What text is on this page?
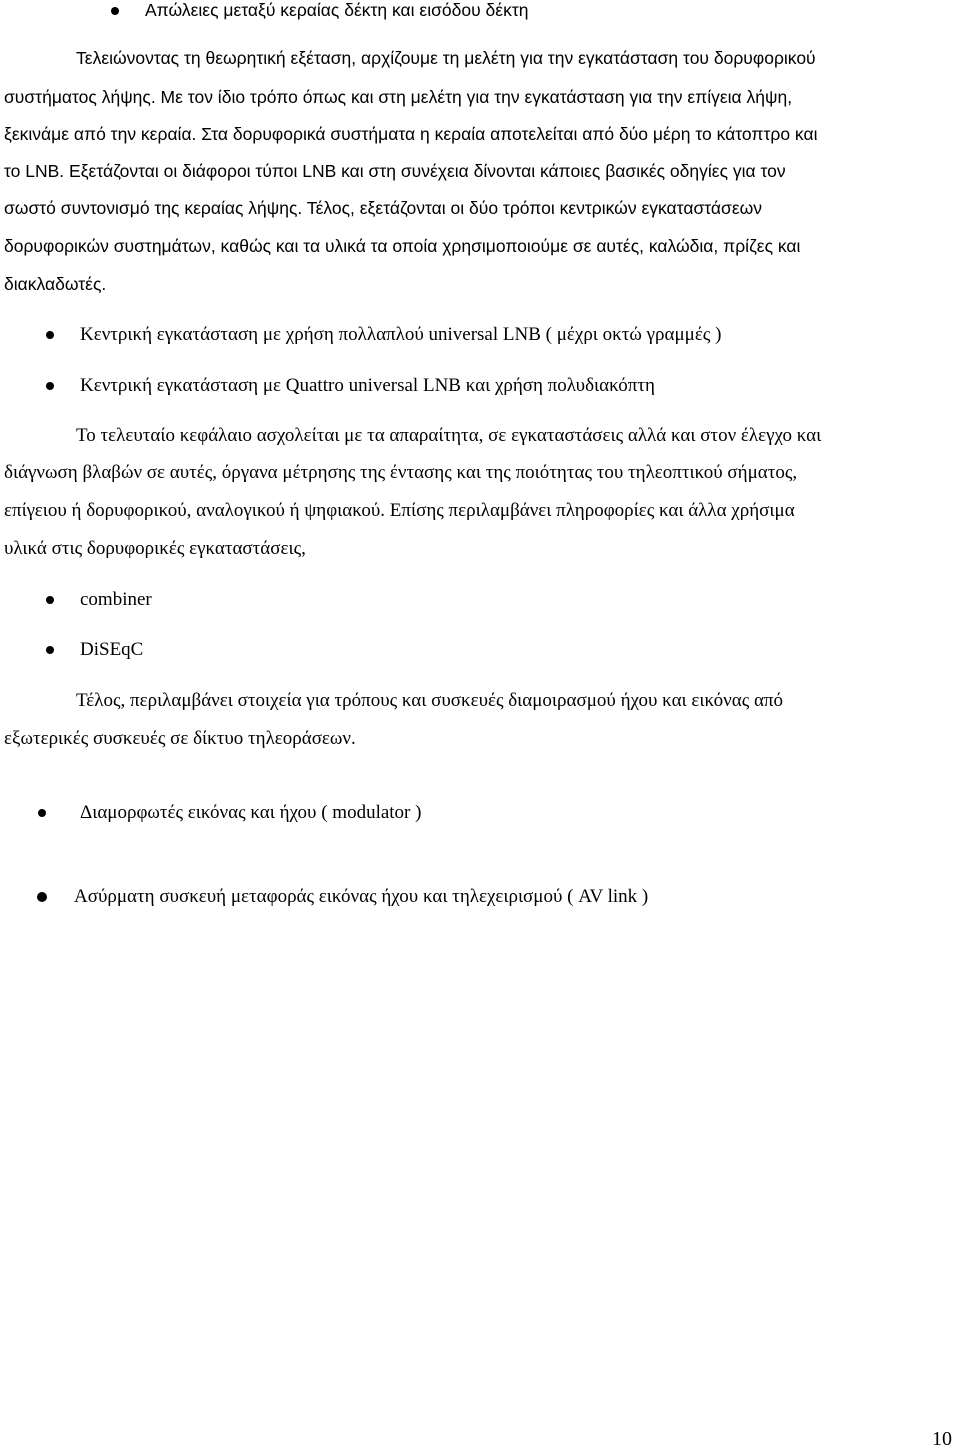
Απώλειες μεταξύ κεραίας δέκτη και εισόδου δέκτη
Τελειώνοντας τη θεωρητική εξέταση, αρχίζουμε τη μελέτη για την εγκατάσταση του δορυφορικού
συστήματος λήψης. Με τον ίδιο τρόπο όπως και στη μελέτη για την εγκατάσταση για την επίγεια λήψη,
ξεκινάμε από την κεραία. Στα δορυφορικά συστήματα η κεραία αποτελείται από δύο μέρη το κάτοπτρο και
το LNB. Εξετάζονται οι διάφοροι τύποι LNB και στη συνέχεια δίνονται κάποιες βασικές οδηγίες για τον
σωστό συντονισμό της κεραίας λήψης. Τέλος, εξετάζονται οι δύο τρόποι κεντρικών εγκαταστάσεων
δορυφορικών συστημάτων, καθώς και τα υλικά τα οποία χρησιμοποιούμε σε αυτές, καλώδια, πρίζες και
διακλαδωτές.
Κεντρική εγκατάσταση με χρήση πολλαπλού universal LNB ( μέχρι οκτώ γραμμές )
Κεντρική εγκατάσταση με Quattro universal LNB και χρήση πολυδιακόπτη
Το τελευταίο κεφάλαιο ασχολείται με τα απαραίτητα, σε εγκαταστάσεις αλλά και στον έλεγχο και
διάγνωση βλαβών σε αυτές, όργανα μέτρησης της έντασης και της ποιότητας του τηλεοπτικού σήματος,
επίγειου ή δορυφορικού, αναλογικού ή ψηφιακού. Επίσης περιλαμβάνει πληροφορίες και άλλα χρήσιμα
υλικά στις δορυφορικές εγκαταστάσεις,
combiner
DiSEqC
Τέλος, περιλαμβάνει στοιχεία για τρόπους και συσκευές διαμοιρασμού ήχου και εικόνας από
εξωτερικές συσκευές σε δίκτυο τηλεοράσεων.
Διαμορφωτές εικόνας και ήχου ( modulator )
Ασύρματη συσκευή μεταφοράς εικόνας ήχου και τηλεχειρισμού ( AV link )
10
